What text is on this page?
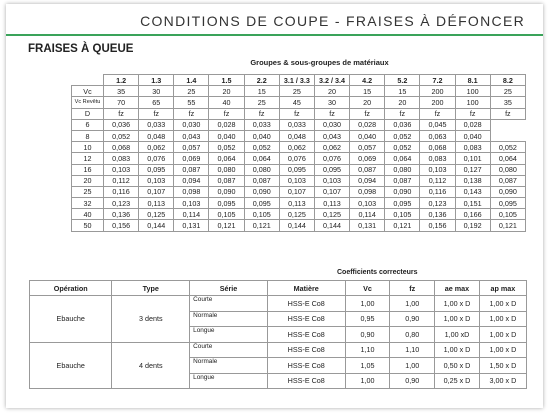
CONDITIONS DE COUPE - FRAISES À DÉFONCER
FRAISES À QUEUE
Groupes & sous-groupes de matériaux
	1.2	1.3	1.4	1.5	2.2	3.1 / 3.3	3.2 / 3.4	4.2	5.2	7.2	8.1	8.2
Vc	35	30	25	20	15	25	20	15	15	200	100	25
Vc Revêtu	70	65	55	40	25	45	30	20	20	200	100	35
D	fz	fz	fz	fz	fz	fz	fz	fz	fz	fz	fz	fz
6	0,036	0,033	0,030	0,028	0,033	0,033	0,030	0,028	0,036	0,045	0,028	
8	0,052	0,048	0,043	0,040	0,040	0,048	0,043	0,040	0,052	0,063	0,040	
10	0,068	0,062	0,057	0,052	0,052	0,062	0,062	0,057	0,052	0,068	0,083	0,052
12	0,083	0,076	0,069	0,064	0,064	0,076	0,076	0,069	0,064	0,083	0,101	0,064
16	0,103	0,095	0,087	0,080	0,080	0,095	0,095	0,087	0,080	0,103	0,127	0,080
20	0,112	0,103	0,094	0,087	0,087	0,103	0,103	0,094	0,087	0,112	0,138	0,087
25	0,116	0,107	0,098	0,090	0,090	0,107	0,107	0,098	0,090	0,116	0,143	0,090
32	0,123	0,113	0,103	0,095	0,095	0,113	0,113	0,103	0,095	0,123	0,151	0,095
40	0,136	0,125	0,114	0,105	0,105	0,125	0,125	0,114	0,105	0,136	0,166	0,105
50	0,156	0,144	0,131	0,121	0,121	0,144	0,144	0,131	0,121	0,156	0,192	0,121
Coefficients correcteurs
Opération	Type	Série	Matière	Vc	fz	ae max	ap max
Ebauche	3 dents	Courte	HSS-E Co8	1,00	1,00	1,00 x D	1,00 x D
		Normale	HSS-E Co8	0,95	0,90	1,00 x D	1,00 x D
		Longue	HSS-E Co8	0,90	0,80	1,00 xD	1,00 x D
Ebauche	4 dents	Courte	HSS-E Co8	1,10	1,10	1,00 x D	1,00 x D
		Normale	HSS-E Co8	1,05	1,00	0,50 x D	1,50 x D
		Longue	HSS-E Co8	1,00	0,90	0,25 x D	3,00 x D
